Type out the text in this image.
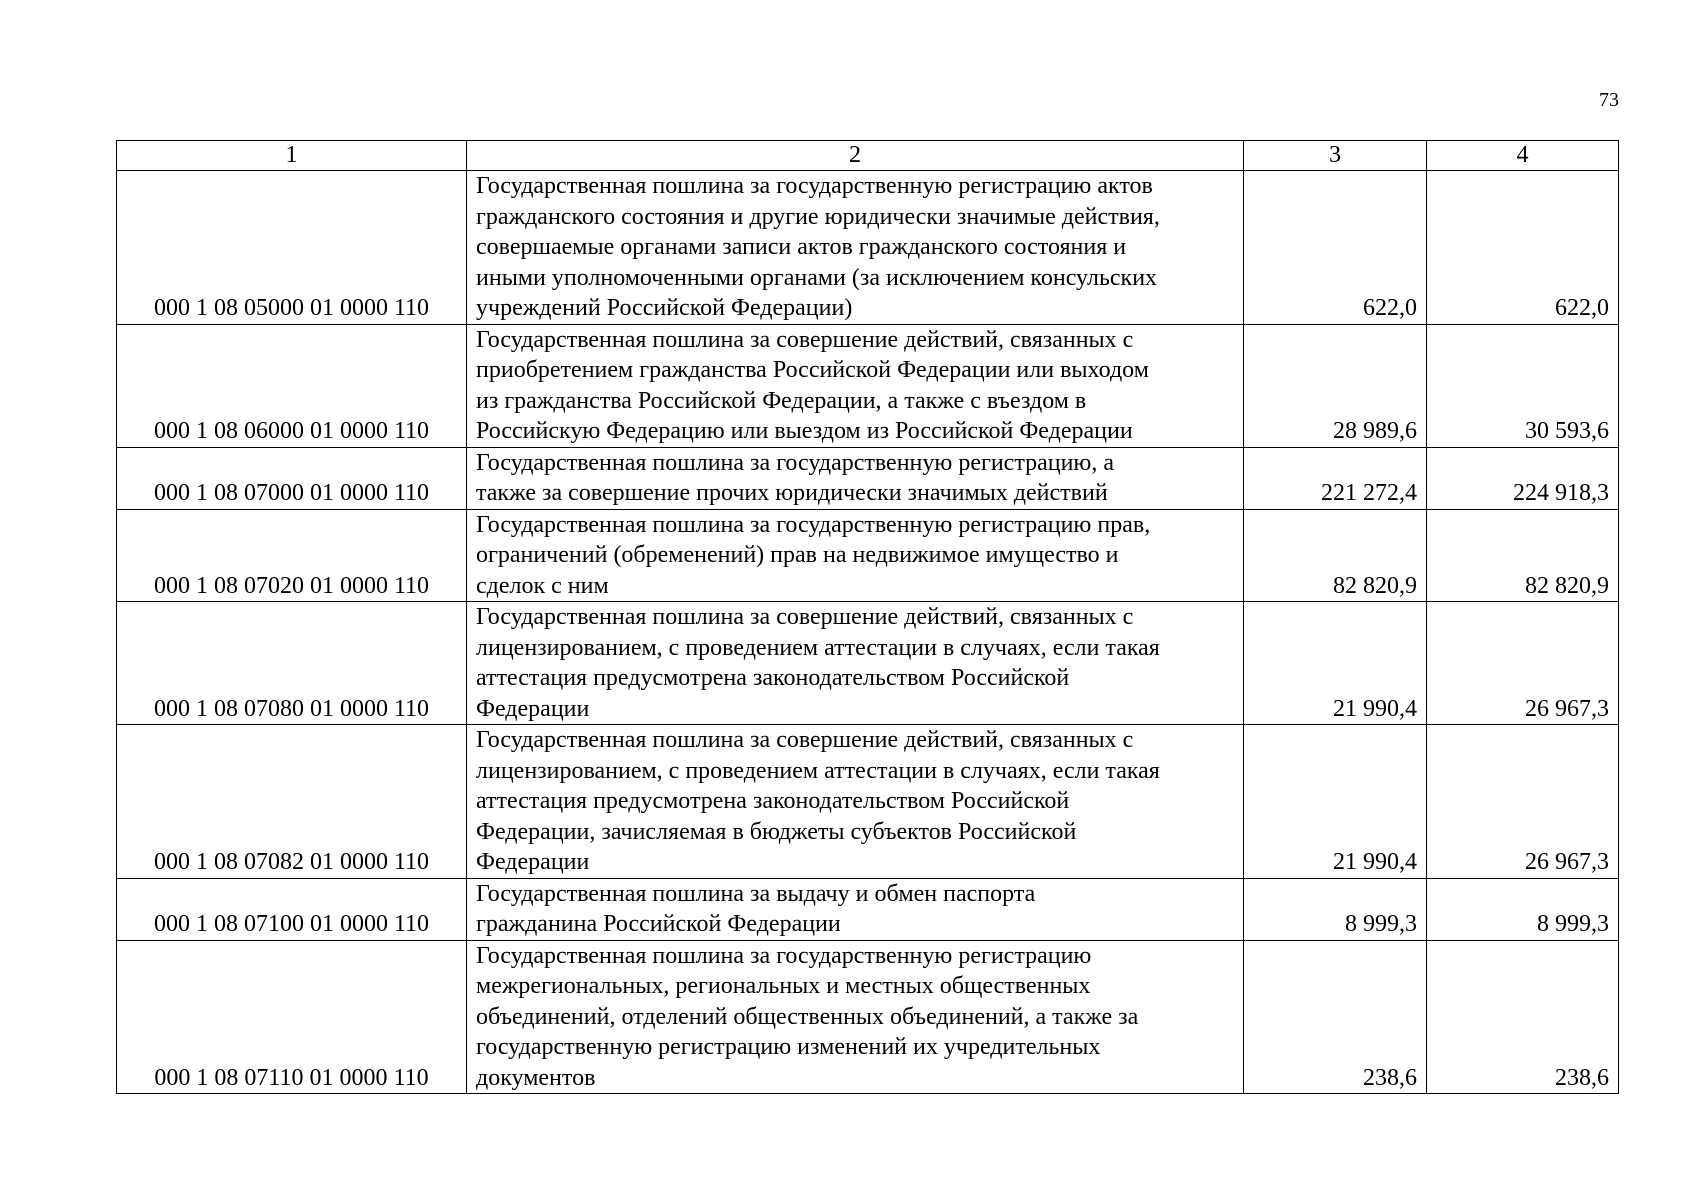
73
1	2	3	4
000 1 08 05000 01 0000 110	Государственная пошлина за государственную регистрацию актов
гражданского состояния и другие юридически значимые действия,
совершаемые органами записи актов гражданского состояния и
иными уполномоченными органами (за исключением консульских
учреждений Российской Федерации)	622,0	622,0
000 1 08 06000 01 0000 110	Государственная пошлина за совершение действий, связанных с
приобретением гражданства Российской Федерации или выходом
из гражданства Российской Федерации, а также с въездом в
Российскую Федерацию или выездом из Российской Федерации	28 989,6	30 593,6
000 1 08 07000 01 0000 110	Государственная пошлина за государственную регистрацию, а
также за совершение прочих юридически значимых действий	221 272,4	224 918,3
000 1 08 07020 01 0000 110	Государственная пошлина за государственную регистрацию прав,
ограничений (обременений) прав на недвижимое имущество и
сделок с ним	82 820,9	82 820,9
000 1 08 07080 01 0000 110	Государственная пошлина за совершение действий, связанных с
лицензированием, с проведением аттестации в случаях, если такая
аттестация предусмотрена законодательством Российской
Федерации	21 990,4	26 967,3
000 1 08 07082 01 0000 110	Государственная пошлина за совершение действий, связанных с
лицензированием, с проведением аттестации в случаях, если такая
аттестация предусмотрена законодательством Российской
Федерации, зачисляемая в бюджеты субъектов Российской
Федерации	21 990,4	26 967,3
000 1 08 07100 01 0000 110	Государственная пошлина за выдачу и обмен паспорта
гражданина Российской Федерации	8 999,3	8 999,3
000 1 08 07110 01 0000 110	Государственная пошлина за государственную регистрацию
межрегиональных, региональных и местных общественных
объединений, отделений общественных объединений, а также за
государственную регистрацию изменений их учредительных
документов	238,6	238,6
